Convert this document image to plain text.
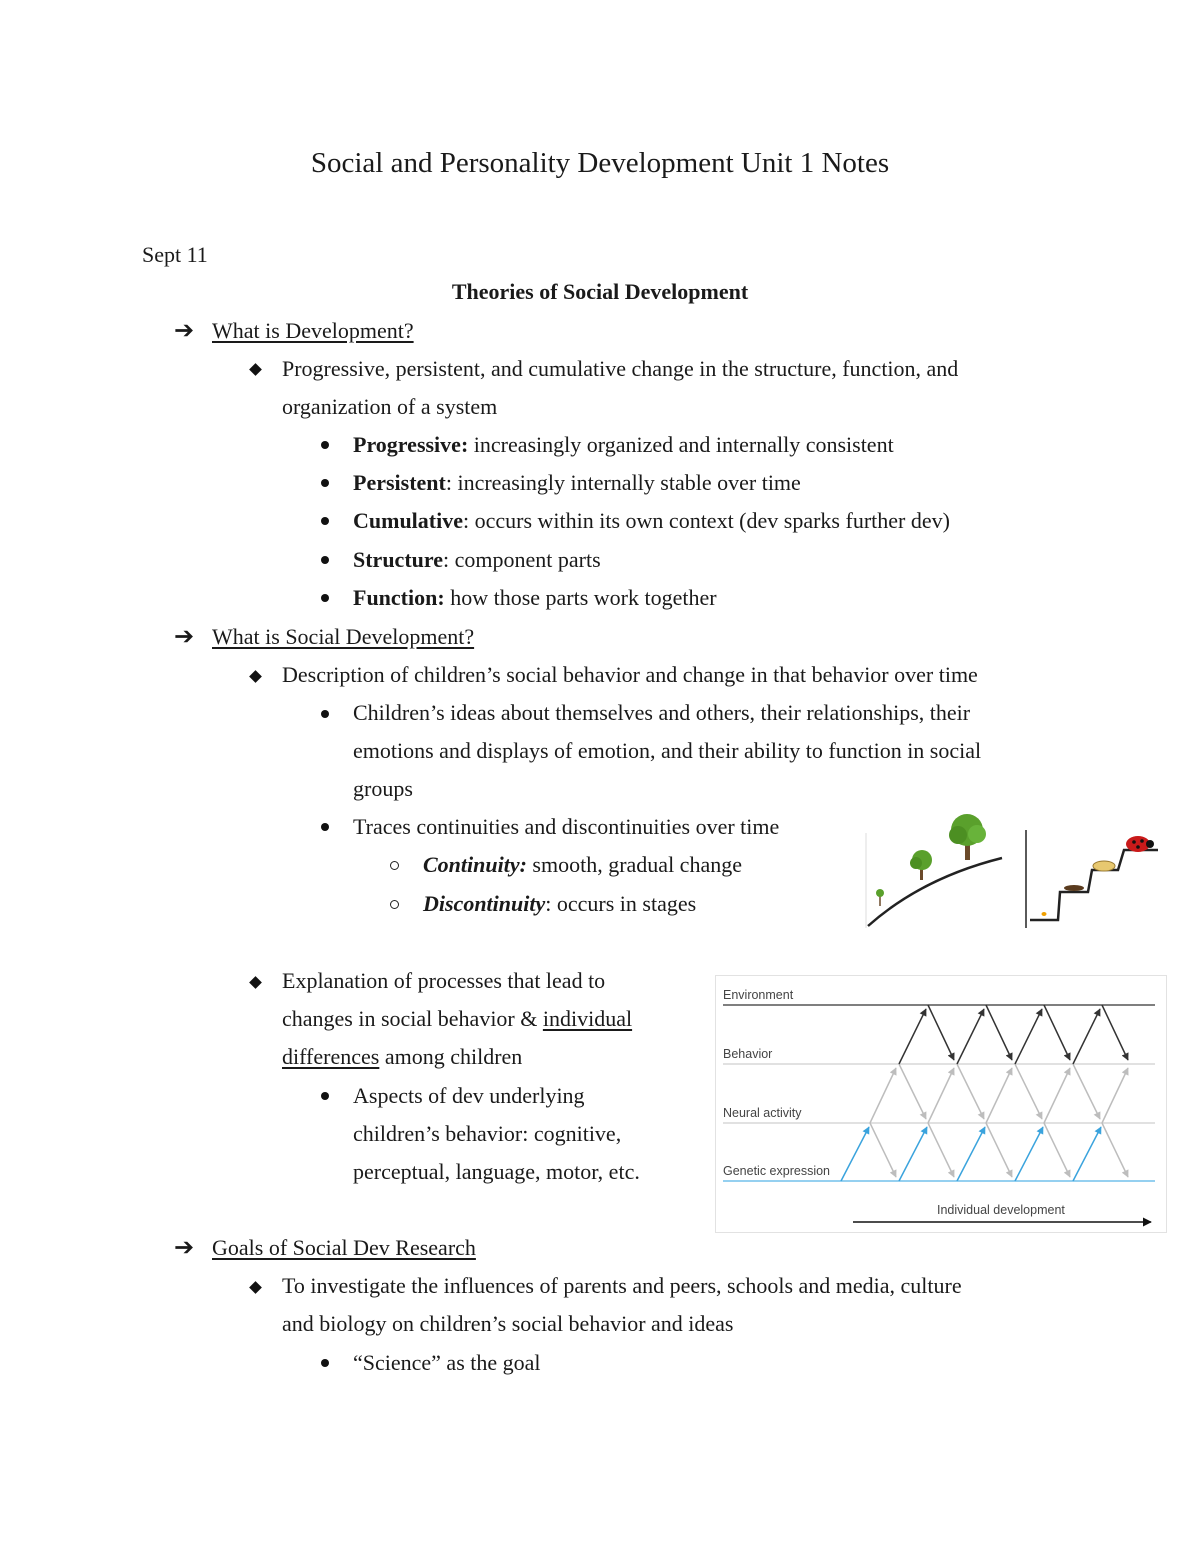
Social and Personality Development Unit 1 Notes
Sept 11
Theories of Social Development
➔ What is Development?
Progressive, persistent, and cumulative change in the structure, function, and
organization of a system
Progressive: increasingly organized and internally consistent
Persistent: increasingly internally stable over time
Cumulative: occurs within its own context (dev sparks further dev)
Structure: component parts
Function: how those parts work together
➔ What is Social Development?
Description of children’s social behavior and change in that behavior over time
Children’s ideas about themselves and others, their relationships, their
emotions and displays of emotion, and their ability to function in social
groups
Traces continuities and discontinuities over time
Continuity: smooth, gradual change
Discontinuity: occurs in stages
Explanation of processes that lead to
changes in social behavior & individual
differences among children
Aspects of dev underlying
children’s behavior: cognitive,
perceptual, language, motor, etc.
Environment
Behavior
Neural activity
Genetic expression
Individual development
➔ Goals of Social Dev Research
To investigate the influences of parents and peers, schools and media, culture
and biology on children’s social behavior and ideas
“Science” as the goal
